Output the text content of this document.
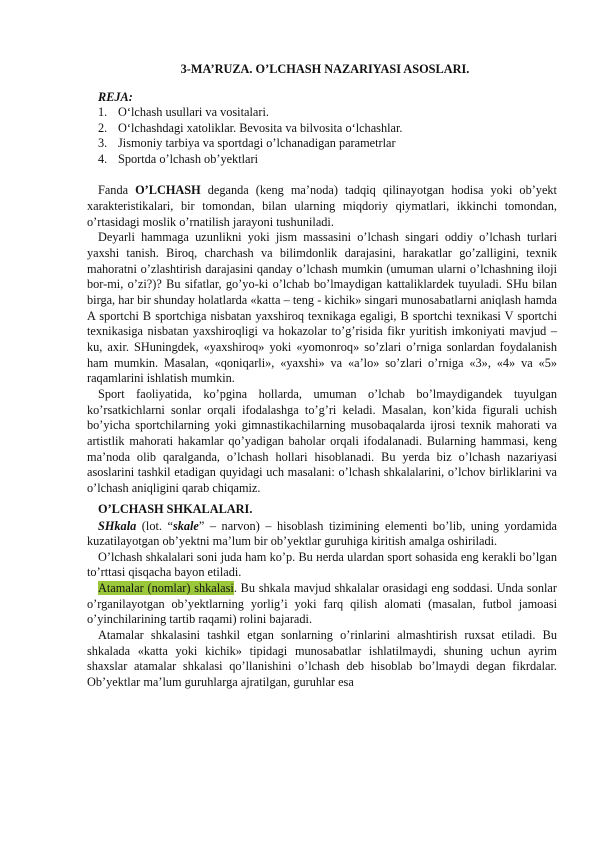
3-MA’RUZA. O’LCHASH NAZARIYASI ASOSLARI.

REJA:

1. O‘lchash usullari va vositalari.
2. O‘lchashdagi xatoliklar. Bevosita va bilvosita o‘lchashlar.
3. Jismoniy tarbiya va sportdagi o’lchanadigan parametrlar
4. Sportda o’lchash ob’yektlari

Fanda O’LCHASH deganda (keng ma’noda) tadqiq qilinayotgan hodisa yoki ob’yekt xarakteristikalari, bir tomondan, bilan ularning miqdoriy qiymatlari, ikkinchi tomondan, o’rtasidagi moslik o’rnatilish jarayoni tushuniladi.

Deyarli hammaga uzunlikni yoki jism massasini o’lchash singari oddiy o’lchash turlari yaxshi tanish. Biroq, charchash va bilimdonlik darajasini, harakatlar go’zalligini, texnik mahoratni o’zlashtirish darajasini qanday o’lchash mumkin (umuman ularni o’lchashning iloji bor-mi, o’zi?)? Bu sifatlar, go’yo-ki o’lchab bo’lmaydigan kattaliklardek tuyuladi. SHu bilan birga, har bir shunday holatlarda «katta – teng - kichik» singari munosabatlarni aniqlash hamda A sportchi B sportchiga nisbatan yaxshiroq texnikaga egaligi, B sportchi texnikasi V sportchi texnikasiga nisbatan yaxshiroqligi va hokazolar to’g’risida fikr yuritish imkoniyati mavjud – ku, axir. SHuningdek, «yaxshiroq» yoki «yomonroq» so’zlari o’rniga sonlardan foydalanish ham mumkin. Masalan, «qoniqarli», «yaxshi» va «a’lo» so’zlari o’rniga «3», «4» va «5» raqamlarini ishlatish mumkin.

Sport faoliyatida, ko’pgina hollarda, umuman o’lchab bo’lmaydigandek tuyulgan ko’rsatkichlarni sonlar orqali ifodalashga to’g’ri keladi. Masalan, kon’kida figurali uchish bo’yicha sportchilarning yoki gimnastikachilarning musobaqalarda ijrosi texnik mahorati va artistlik mahorati hakamlar qo’yadigan baholar orqali ifodalanadi. Bularning hammasi, keng ma’noda olib qaralganda, o’lchash hollari hisoblanadi. Bu yerda biz o’lchash nazariyasi asoslarini tashkil etadigan quyidagi uch masalani: o’lchash shkalalarini, o’lchov birliklarini va o’lchash aniqligini qarab chiqamiz.

O’LCHASH SHKALALARI.

SHkala (lot. “skale” – narvon) – hisoblash tizimining elementi bo’lib, uning yordamida kuzatilayotgan ob’yektni ma’lum bir ob’yektlar guruhiga kiritish amalga oshiriladi.

O’lchash shkalalari soni juda ham ko’p. Bu нerda ulardan sport sohasida eng kerakli bo’lgan to’rttasi qisqacha bayon etiladi.

Atamalar (nomlar) shkalasi. Bu shkala mavjud shkalalar orasidagi eng soddasi. Unda sonlar o’rganilayotgan ob’yektlarning yorlig’i yoki farq qilish alomati (masalan, futbol jamoasi o’yinchilarining tartib raqami) rolini bajaradi.

Atamalar shkalasini tashkil etgan sonlarning o’rinlarini almashtirish ruxsat etiladi. Bu shkalada «katta yoki kichik» tipidagi munosabatlar ishlatilmaydi, shuning uchun ayrim shaxslar atamalar shkalasi qo’llanishini o’lchash deb hisoblab bo’lmaydi degan fikrdalar. Ob’yektlar ma’lum guruhlarga ajratilgan, guruhlar esa
